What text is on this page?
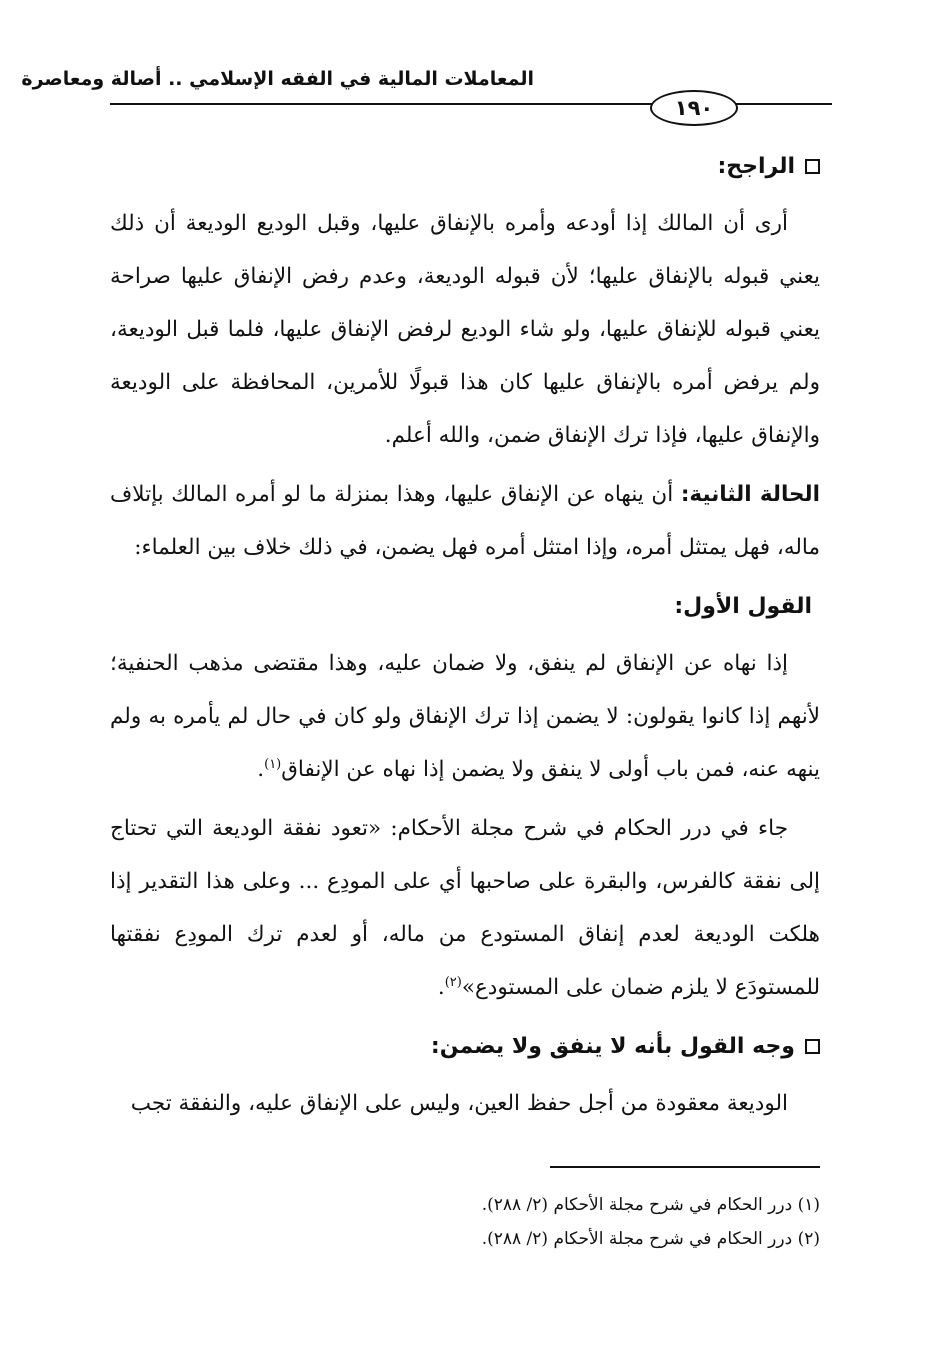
المعاملات المالية في الفقه الإسلامي .. أصالة ومعاصرة
١٩٠
الراجح:

أرى أن المالك إذا أودعه وأمره بالإنفاق عليها، وقبل الوديع الوديعة أن ذلك يعني قبوله بالإنفاق عليها؛ لأن قبوله الوديعة، وعدم رفض الإنفاق عليها صراحة يعني قبوله للإنفاق عليها، ولو شاء الوديع لرفض الإنفاق عليها، فلما قبل الوديعة، ولم يرفض أمره بالإنفاق عليها كان هذا قبولًا للأمرين، المحافظة على الوديعة والإنفاق عليها، فإذا ترك الإنفاق ضمن، والله أعلم.

الحالة الثانية: أن ينهاه عن الإنفاق عليها، وهذا بمنزلة ما لو أمره المالك بإتلاف ماله، فهل يمتثل أمره، وإذا امتثل أمره فهل يضمن، في ذلك خلاف بين العلماء:

القول الأول:

إذا نهاه عن الإنفاق لم ينفق، ولا ضمان عليه، وهذا مقتضى مذهب الحنفية؛ لأنهم إذا كانوا يقولون: لا يضمن إذا ترك الإنفاق ولو كان في حال لم يأمره به ولم ينهه عنه، فمن باب أولى لا ينفق ولا يضمن إذا نهاه عن الإنفاق$^{(١)}$.

جاء في درر الحكام في شرح مجلة الأحكام: «تعود نفقة الوديعة التي تحتاج إلى نفقة كالفرس، والبقرة على صاحبها أي على المودِع ... وعلى هذا التقدير إذا هلكت الوديعة لعدم إنفاق المستودع من ماله، أو لعدم ترك المودِع نفقتها للمستودَع لا يلزم ضمان على المستودع»$^{(٢)}$.

وجه القول بأنه لا ينفق ولا يضمن:

الوديعة معقودة من أجل حفظ العين، وليس على الإنفاق عليه، والنفقة تجب

(١) درر الحكام في شرح مجلة الأحكام (٢/ ٢٨٨).
(٢) درر الحكام في شرح مجلة الأحكام (٢/ ٢٨٨).
